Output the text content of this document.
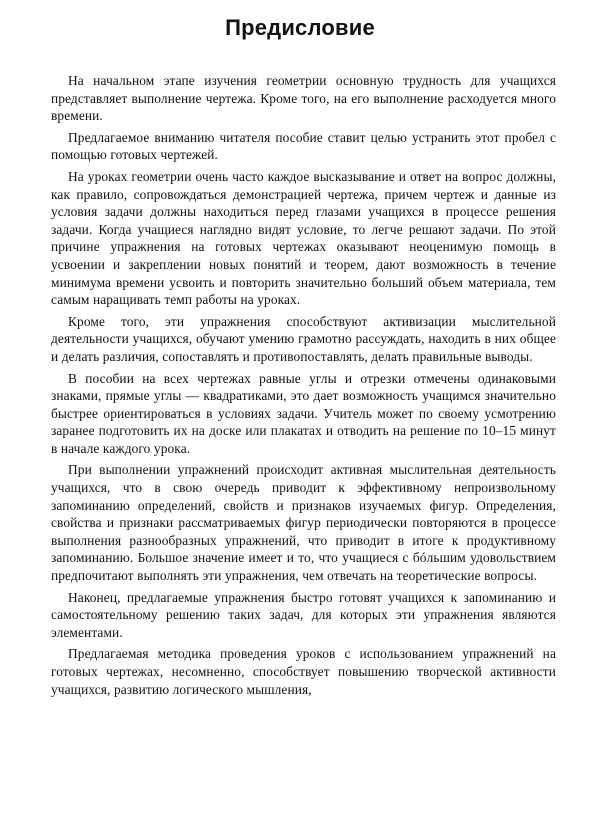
Предисловие

На начальном этапе изучения геометрии основную трудность для учащихся представляет выполнение чертежа. Кроме того, на его выполнение расходуется много времени.

Предлагаемое вниманию читателя пособие ставит целью устранить этот пробел с помощью готовых чертежей.

На уроках геометрии очень часто каждое высказывание и ответ на вопрос должны, как правило, сопровождаться демонстрацией чертежа, причем чертеж и данные из условия задачи должны находиться перед глазами учащихся в процессе решения задачи. Когда учащиеся наглядно видят условие, то легче решают задачи. По этой причине упражнения на готовых чертежах оказывают неоценимую помощь в усвоении и закреплении новых понятий и теорем, дают возможность в течение минимума времени усвоить и повторить значительно больший объем материала, тем самым наращивать темп работы на уроках.

Кроме того, эти упражнения способствуют активизации мыслительной деятельности учащихся, обучают умению грамотно рассуждать, находить в них общее и делать различия, сопоставлять и противопоставлять, делать правильные выводы.

В пособии на всех чертежах равные углы и отрезки отмечены одинаковыми знаками, прямые углы — квадратиками, это дает возможность учащимся значительно быстрее ориентироваться в условиях задачи. Учитель может по своему усмотрению заранее подготовить их на доске или плакатах и отводить на решение по 10–15 минут в начале каждого урока.

При выполнении упражнений происходит активная мыслительная деятельность учащихся, что в свою очередь приводит к эффективному непроизвольному запоминанию определений, свойств и признаков изучаемых фигур. Определения, свойства и признаки рассматриваемых фигур периодически повторяются в процессе выполнения разнообразных упражнений, что приводит в итоге к продуктивному запоминанию. Большое значение имеет и то, что учащиеся с бóльшим удовольствием предпочитают выполнять эти упражнения, чем отвечать на теоретические вопросы.

Наконец, предлагаемые упражнения быстро готовят учащихся к запоминанию и самостоятельному решению таких задач, для которых эти упражнения являются элементами.

Предлагаемая методика проведения уроков с использованием упражнений на готовых чертежах, несомненно, способствует повышению творческой активности учащихся, развитию логического мышления,
